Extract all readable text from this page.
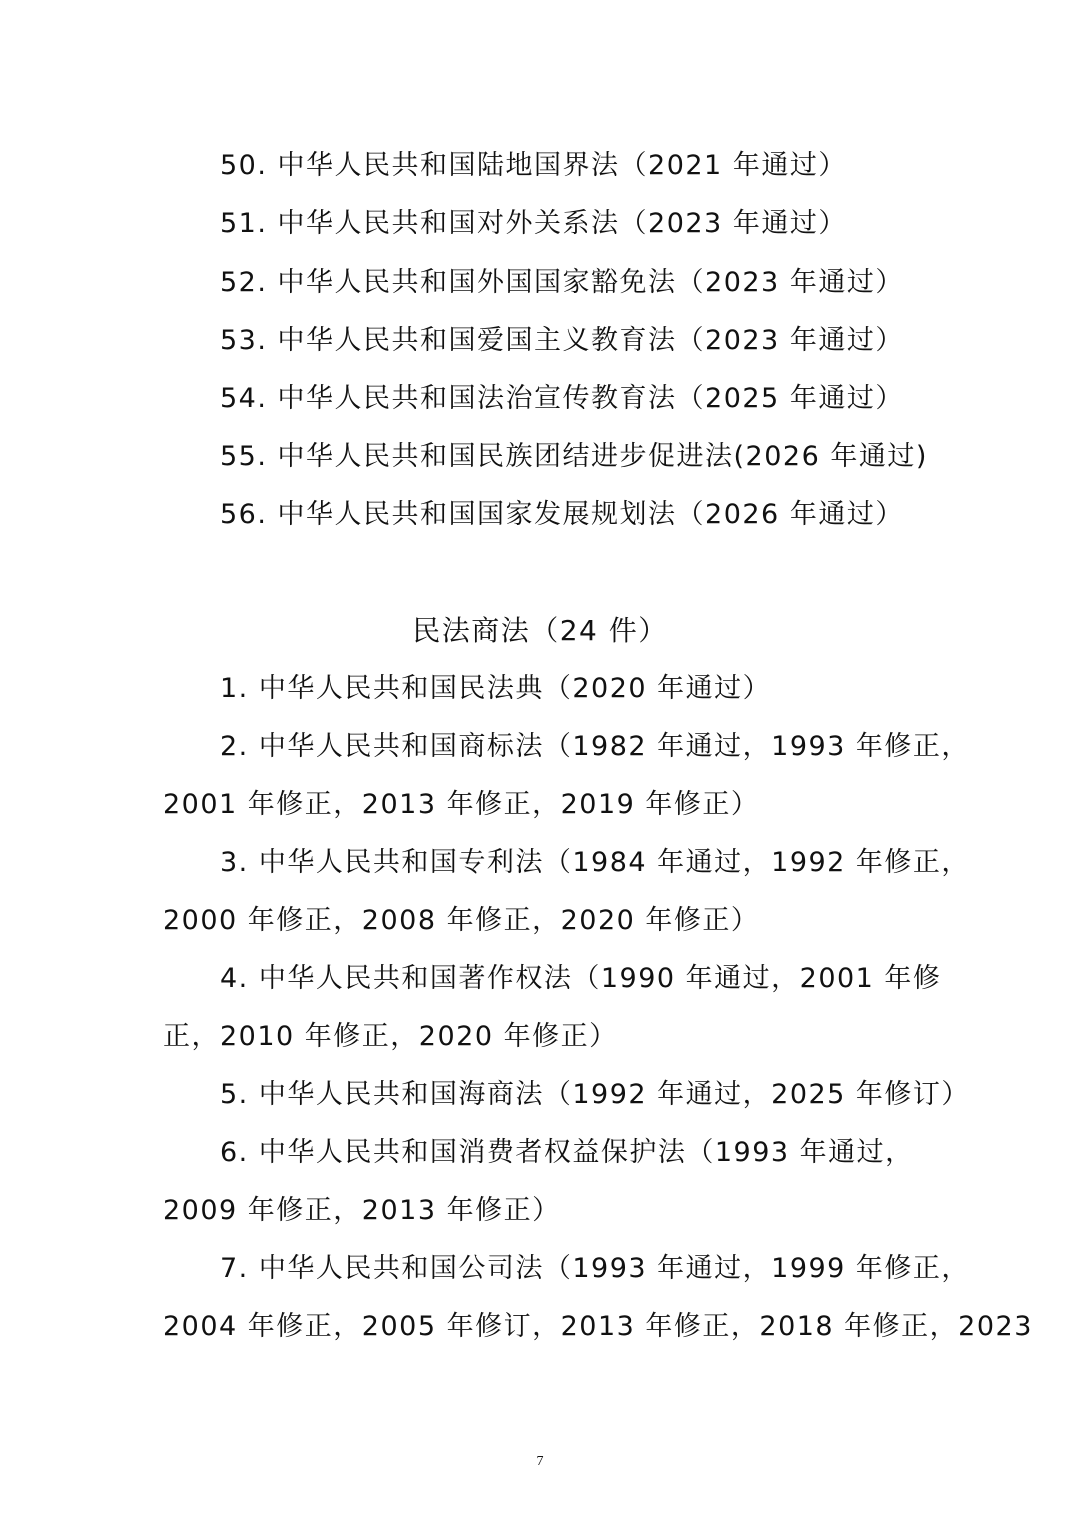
50. 中华人民共和国陆地国界法（2021 年通过）
51. 中华人民共和国对外关系法（2023 年通过）
52. 中华人民共和国外国国家豁免法（2023 年通过）
53. 中华人民共和国爱国主义教育法（2023 年通过）
54. 中华人民共和国法治宣传教育法（2025 年通过）
55. 中华人民共和国民族团结进步促进法(2026 年通过)
56. 中华人民共和国国家发展规划法（2026 年通过）
民法商法（24 件）
1. 中华人民共和国民法典（2020 年通过）
2. 中华人民共和国商标法（1982 年通过，1993 年修正，
2001 年修正，2013 年修正，2019 年修正）
3. 中华人民共和国专利法（1984 年通过，1992 年修正，
2000 年修正，2008 年修正，2020 年修正）
4. 中华人民共和国著作权法（1990 年通过，2001 年修
正，2010 年修正，2020 年修正）
5. 中华人民共和国海商法（1992 年通过，2025 年修订）
6. 中华人民共和国消费者权益保护法（1993 年通过，
2009 年修正，2013 年修正）
7. 中华人民共和国公司法（1993 年通过，1999 年修正，
2004 年修正，2005 年修订，2013 年修正，2018 年修正，2023
7
